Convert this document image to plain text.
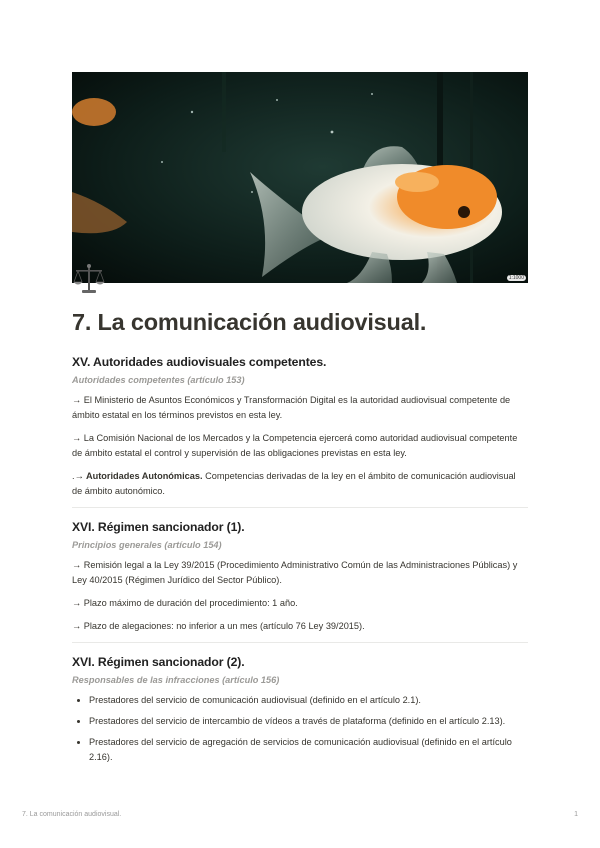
1:1000
7. La comunicación audiovisual.
XV. Autoridades audiovisuales competentes.
Autoridades competentes (artículo 153)

→ El Ministerio de Asuntos Económicos y Transformación Digital es la autoridad audiovisual competente de ámbito estatal en los términos previstos en esta ley.

→ La Comisión Nacional de los Mercados y la Competencia ejercerá como autoridad audiovisual competente de ámbito estatal el control y supervisión de las obligaciones previstas en esta ley.

.→ Autoridades Autonómicas. Competencias derivadas de la ley en el ámbito de comunicación audiovisual de ámbito autonómico.

XVI. Régimen sancionador (1).
Principios generales (artículo 154)

→ Remisión legal a la Ley 39/2015 (Procedimiento Administrativo Común de las Administraciones Públicas) y Ley 40/2015 (Régimen Jurídico del Sector Público).

→ Plazo máximo de duración del procedimiento: 1 año.

→ Plazo de alegaciones: no inferior a un mes (artículo 76 Ley 39/2015).

XVI. Régimen sancionador (2).
Responsables de las infracciones (artículo 156)
• Prestadores del servicio de comunicación audiovisual (definido en el artículo 2.1).
• Prestadores del servicio de intercambio de vídeos a través de plataforma (definido en el artículo 2.13).
• Prestadores del servicio de agregación de servicios de comunicación audiovisual (definido en el artículo 2.16).
7. La comunicación audiovisual.	1
